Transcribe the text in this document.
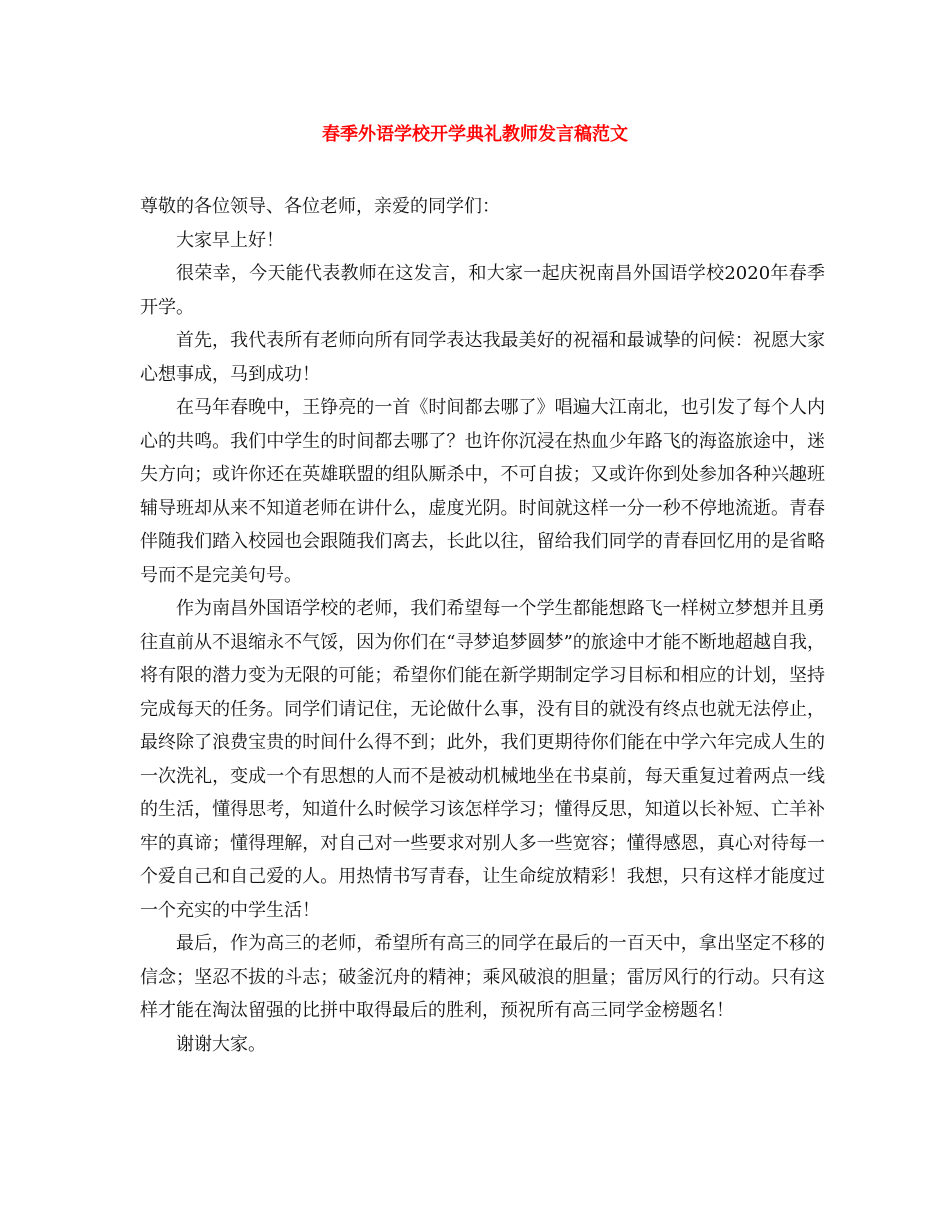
春季外语学校开学典礼教师发言稿范文

尊敬的各位领导、各位老师，亲爱的同学们：

大家早上好！

很荣幸，今天能代表教师在这发言，和大家一起庆祝南昌外国语学校2020年春季开学。

首先，我代表所有老师向所有同学表达我最美好的祝福和最诚挚的问候：祝愿大家心想事成，马到成功！

在马年春晚中，王铮亮的一首《时间都去哪了》唱遍大江南北，也引发了每个人内心的共鸣。我们中学生的时间都去哪了？也许你沉浸在热血少年路飞的海盗旅途中，迷失方向；或许你还在英雄联盟的组队厮杀中，不可自拔；又或许你到处参加各种兴趣班辅导班却从来不知道老师在讲什么，虚度光阴。时间就这样一分一秒不停地流逝。青春伴随我们踏入校园也会跟随我们离去，长此以往，留给我们同学的青春回忆用的是省略号而不是完美句号。

作为南昌外国语学校的老师，我们希望每一个学生都能想路飞一样树立梦想并且勇往直前从不退缩永不气馁，因为你们在“寻梦追梦圆梦”的旅途中才能不断地超越自我，将有限的潜力变为无限的可能；希望你们能在新学期制定学习目标和相应的计划，坚持完成每天的任务。同学们请记住，无论做什么事，没有目的就没有终点也就无法停止，最终除了浪费宝贵的时间什么得不到；此外，我们更期待你们能在中学六年完成人生的一次洗礼，变成一个有思想的人而不是被动机械地坐在书桌前，每天重复过着两点一线的生活，懂得思考，知道什么时候学习该怎样学习；懂得反思，知道以长补短、亡羊补牢的真谛；懂得理解，对自己对一些要求对别人多一些宽容；懂得感恩，真心对待每一个爱自己和自己爱的人。用热情书写青春，让生命绽放精彩！我想，只有这样才能度过一个充实的中学生活！

最后，作为高三的老师，希望所有高三的同学在最后的一百天中，拿出坚定不移的信念；坚忍不拔的斗志；破釜沉舟的精神；乘风破浪的胆量；雷厉风行的行动。只有这样才能在淘汰留强的比拼中取得最后的胜利，预祝所有高三同学金榜题名！

谢谢大家。
